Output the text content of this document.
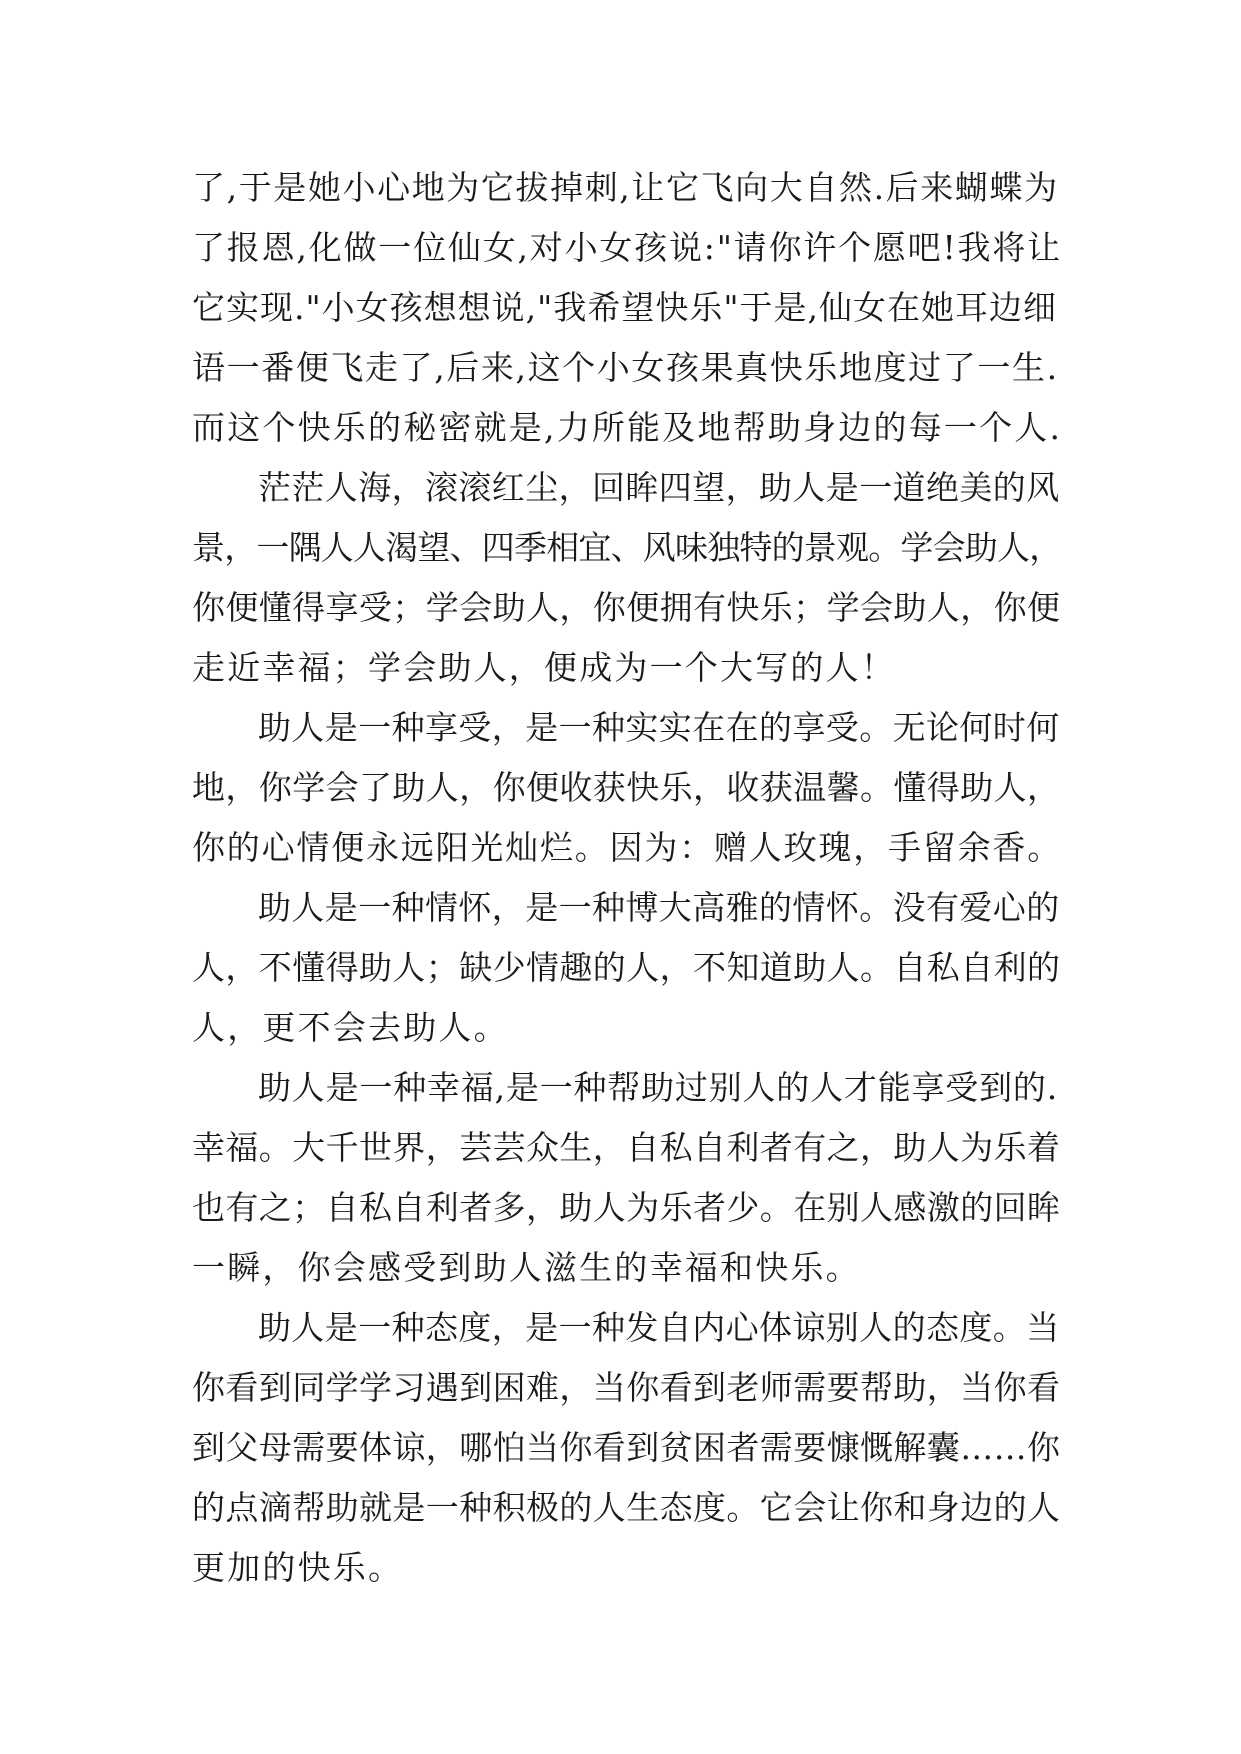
了,于是她小心地为它拔掉刺,让它飞向大自然.后来蝴蝶为
了报恩,化做一位仙女,对小女孩说:"请你许个愿吧!我将让
它实现."小女孩想想说,"我希望快乐"于是,仙女在她耳边细
语一番便飞走了,后来,这个小女孩果真快乐地度过了一生.
而这个快乐的秘密就是,力所能及地帮助身边的每一个人.
茫茫人海，滚滚红尘，回眸四望，助人是一道绝美的风
景，一隅人人渴望、四季相宜、风味独特的景观。学会助人，
你便懂得享受；学会助人，你便拥有快乐；学会助人，你便
走近幸福；学会助人，便成为一个大写的人！
助人是一种享受，是一种实实在在的享受。无论何时何
地，你学会了助人，你便收获快乐，收获温馨。懂得助人，
你的心情便永远阳光灿烂。因为：赠人玫瑰，手留余香。
助人是一种情怀，是一种博大高雅的情怀。没有爱心的
人，不懂得助人；缺少情趣的人，不知道助人。自私自利的
人，更不会去助人。
助人是一种幸福,是一种帮助过别人的人才能享受到的.
幸福。大千世界，芸芸众生，自私自利者有之，助人为乐着
也有之；自私自利者多，助人为乐者少。在别人感激的回眸
一瞬，你会感受到助人滋生的幸福和快乐。
助人是一种态度，是一种发自内心体谅别人的态度。当
你看到同学学习遇到困难，当你看到老师需要帮助，当你看
到父母需要体谅，哪怕当你看到贫困者需要慷慨解囊……你
的点滴帮助就是一种积极的人生态度。它会让你和身边的人
更加的快乐。
